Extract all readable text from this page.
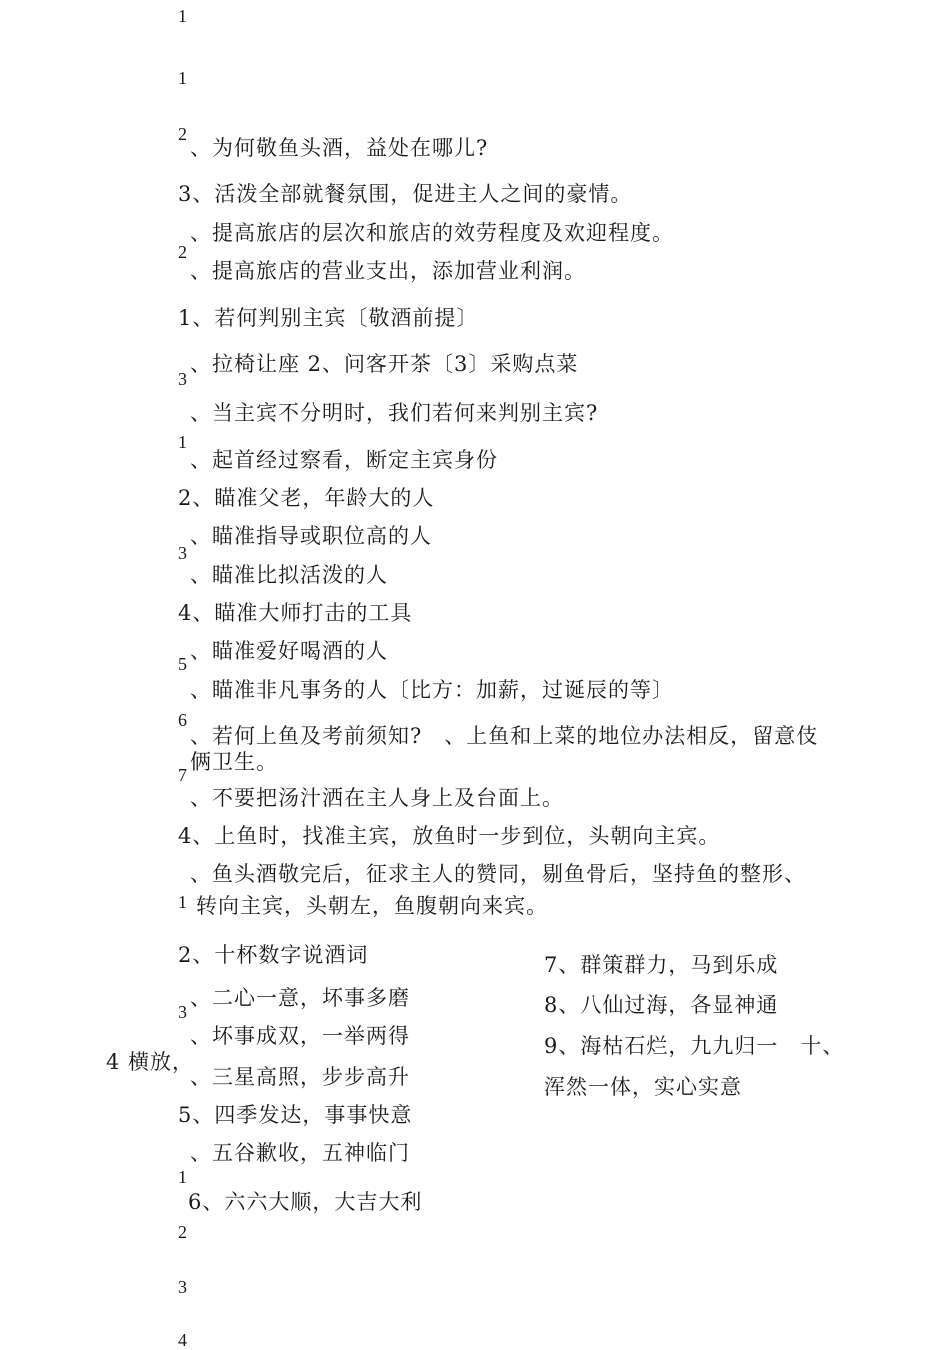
1
1
2
2
3
1
3
5
6
7
1
3
1
2
3
4
、为何敬鱼头酒，益处在哪儿?
3、活泼全部就餐氛围，促进主人之间的豪情。
、提高旅店的层次和旅店的效劳程度及欢迎程度。
、提高旅店的营业支出，添加营业利润。
1、若何判别主宾〔敬酒前提〕
、拉椅让座 2、问客开茶〔3〕采购点菜
、当主宾不分明时，我们若何来判别主宾?
、起首经过察看，断定主宾身份
2、瞄准父老，年龄大的人
、瞄准指导或职位高的人
、瞄准比拟活泼的人
4、瞄准大师打击的工具
、瞄准爱好喝酒的人
、瞄准非凡事务的人〔比方：加薪，过诞辰的等〕
、若何上鱼及考前须知?　、上鱼和上菜的地位办法相反，留意伎
俩卫生。
、不要把汤汁洒在主人身上及台面上。
4、上鱼时，找准主宾，放鱼时一步到位，头朝向主宾。
、鱼头酒敬完后，征求主人的赞同，剔鱼骨后，坚持鱼的整形、
转向主宾，头朝左，鱼腹朝向来宾。
2、十杯数字说酒词
、二心一意，坏事多磨
、坏事成双，一举两得
4 横放，
、三星高照，步步高升
5、四季发达，事事快意
、五谷歉收，五神临门
6、六六大顺，大吉大利
7、群策群力，马到乐成
8、八仙过海，各显神通
9、海枯石烂，九九归一　十、
浑然一体，实心实意
